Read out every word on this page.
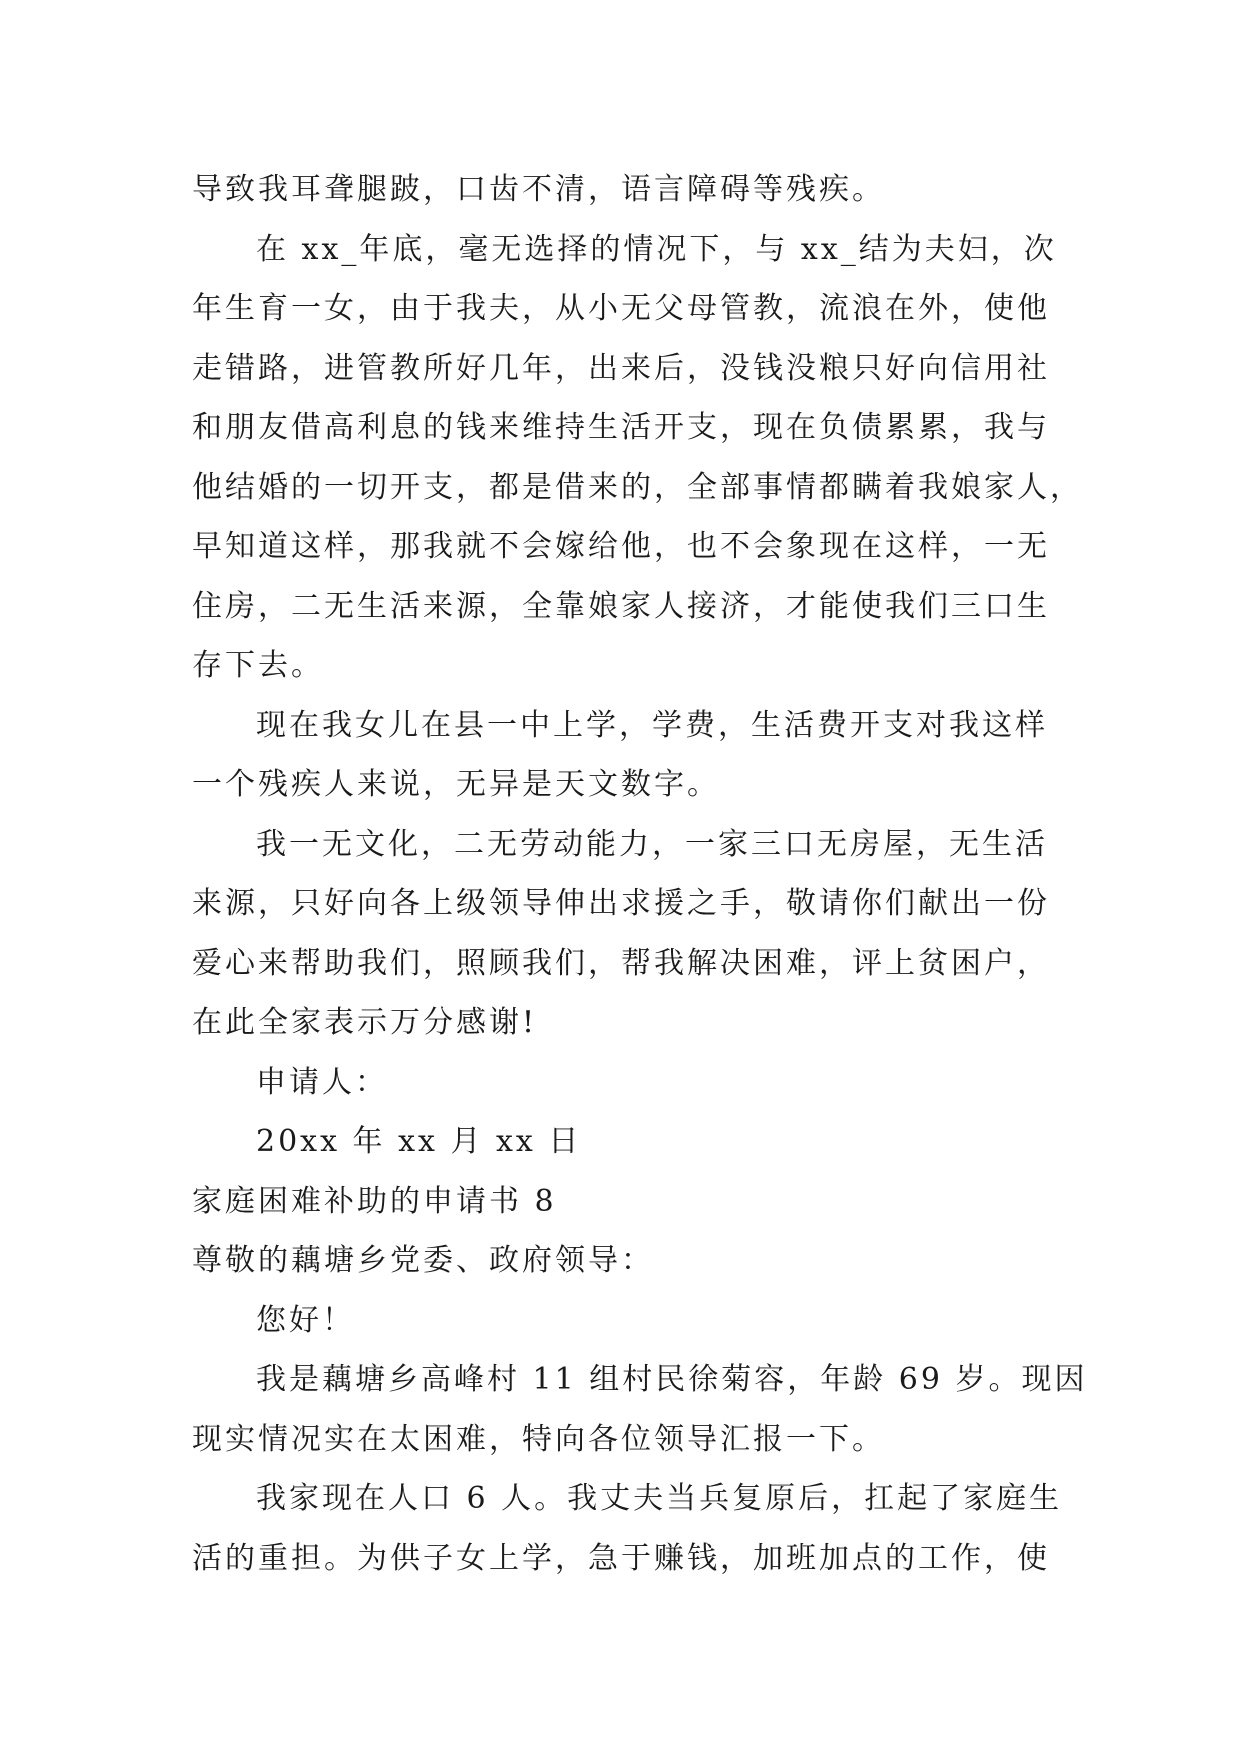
导致我耳聋腿跛，口齿不清，语言障碍等残疾。
在 xx_年底，毫无选择的情况下，与 xx_结为夫妇，次
年生育一女，由于我夫，从小无父母管教，流浪在外，使他
走错路，进管教所好几年，出来后，没钱没粮只好向信用社
和朋友借高利息的钱来维持生活开支，现在负债累累，我与
他结婚的一切开支，都是借来的，全部事情都瞒着我娘家人，
早知道这样，那我就不会嫁给他，也不会象现在这样，一无
住房，二无生活来源，全靠娘家人接济，才能使我们三口生
存下去。
现在我女儿在县一中上学，学费，生活费开支对我这样
一个残疾人来说，无异是天文数字。
我一无文化，二无劳动能力，一家三口无房屋，无生活
来源，只好向各上级领导伸出求援之手，敬请你们献出一份
爱心来帮助我们，照顾我们，帮我解决困难，评上贫困户，
在此全家表示万分感谢!
申请人：
20xx 年 xx 月 xx 日
家庭困难补助的申请书 8
尊敬的藕塘乡党委、政府领导：
您好！
我是藕塘乡高峰村 11 组村民徐菊容，年龄 69 岁。现因
现实情况实在太困难，特向各位领导汇报一下。
我家现在人口 6 人。我丈夫当兵复原后，扛起了家庭生
活的重担。为供子女上学，急于赚钱，加班加点的工作，使
